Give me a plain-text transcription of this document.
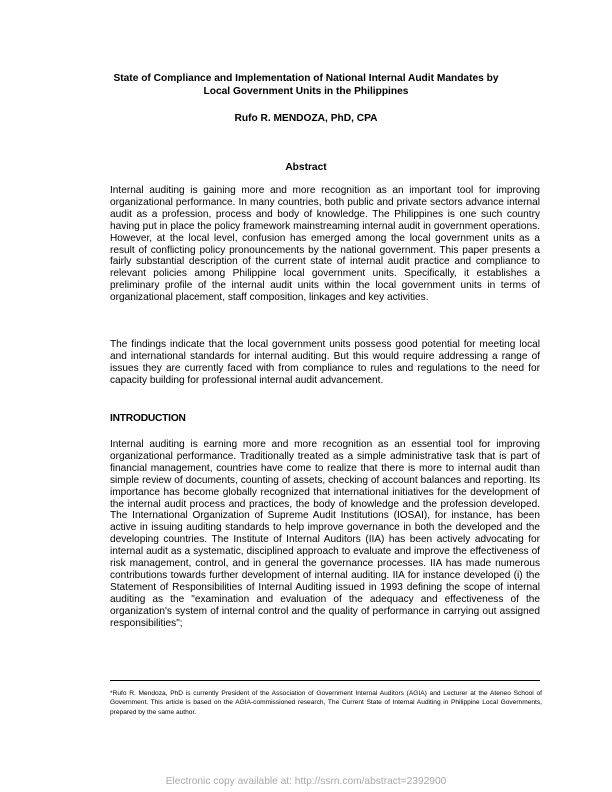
State of Compliance and Implementation of National Internal Audit Mandates by
Local Government Units in the Philippines
Rufo R. MENDOZA, PhD, CPA
Abstract

Internal auditing is gaining more and more recognition as an important tool for improving organizational performance. In many countries, both public and private sectors advance internal audit as a profession, process and body of knowledge. The Philippines is one such country having put in place the policy framework mainstreaming internal audit in government operations. However, at the local level, confusion has emerged among the local government units as a result of conflicting policy pronouncements by the national government. This paper presents a fairly substantial description of the current state of internal audit practice and compliance to relevant policies among Philippine local government units. Specifically, it establishes a preliminary profile of the internal audit units within the local government units in terms of organizational placement, staff composition, linkages and key activities.

The findings indicate that the local government units possess good potential for meeting local and international standards for internal auditing. But this would require addressing a range of issues they are currently faced with from compliance to rules and regulations to the need for capacity building for professional internal audit advancement.

INTRODUCTION

Internal auditing is earning more and more recognition as an essential tool for improving organizational performance. Traditionally treated as a simple administrative task that is part of financial management, countries have come to realize that there is more to internal audit than simple review of documents, counting of assets, checking of account balances and reporting. Its importance has become globally recognized that international initiatives for the development of the internal audit process and practices, the body of knowledge and the profession developed. The International Organization of Supreme Audit Institutions (IOSAI), for instance, has been active in issuing auditing standards to help improve governance in both the developed and the developing countries. The Institute of Internal Auditors (IIA) has been actively advocating for internal audit as a systematic, disciplined approach to evaluate and improve the effectiveness of risk management, control, and in general the governance processes. IIA has made numerous contributions towards further development of internal auditing. IIA for instance developed (i) the Statement of Responsibilities of Internal Auditing issued in 1993 defining the scope of internal auditing as the "examination and evaluation of the adequacy and effectiveness of the organization's system of internal control and the quality of performance in carrying out assigned responsibilities";

*Rufo R. Mendoza, PhD is currently President of the Association of Government Internal Auditors (AGIA) and Lecturer at the Ateneo School of Government. This article is based on the AGIA-commissioned research, The Current State of Internal Auditing in Philippine Local Governments, prepared by the same author.

Electronic copy available at: http://ssrn.com/abstract=2392900
